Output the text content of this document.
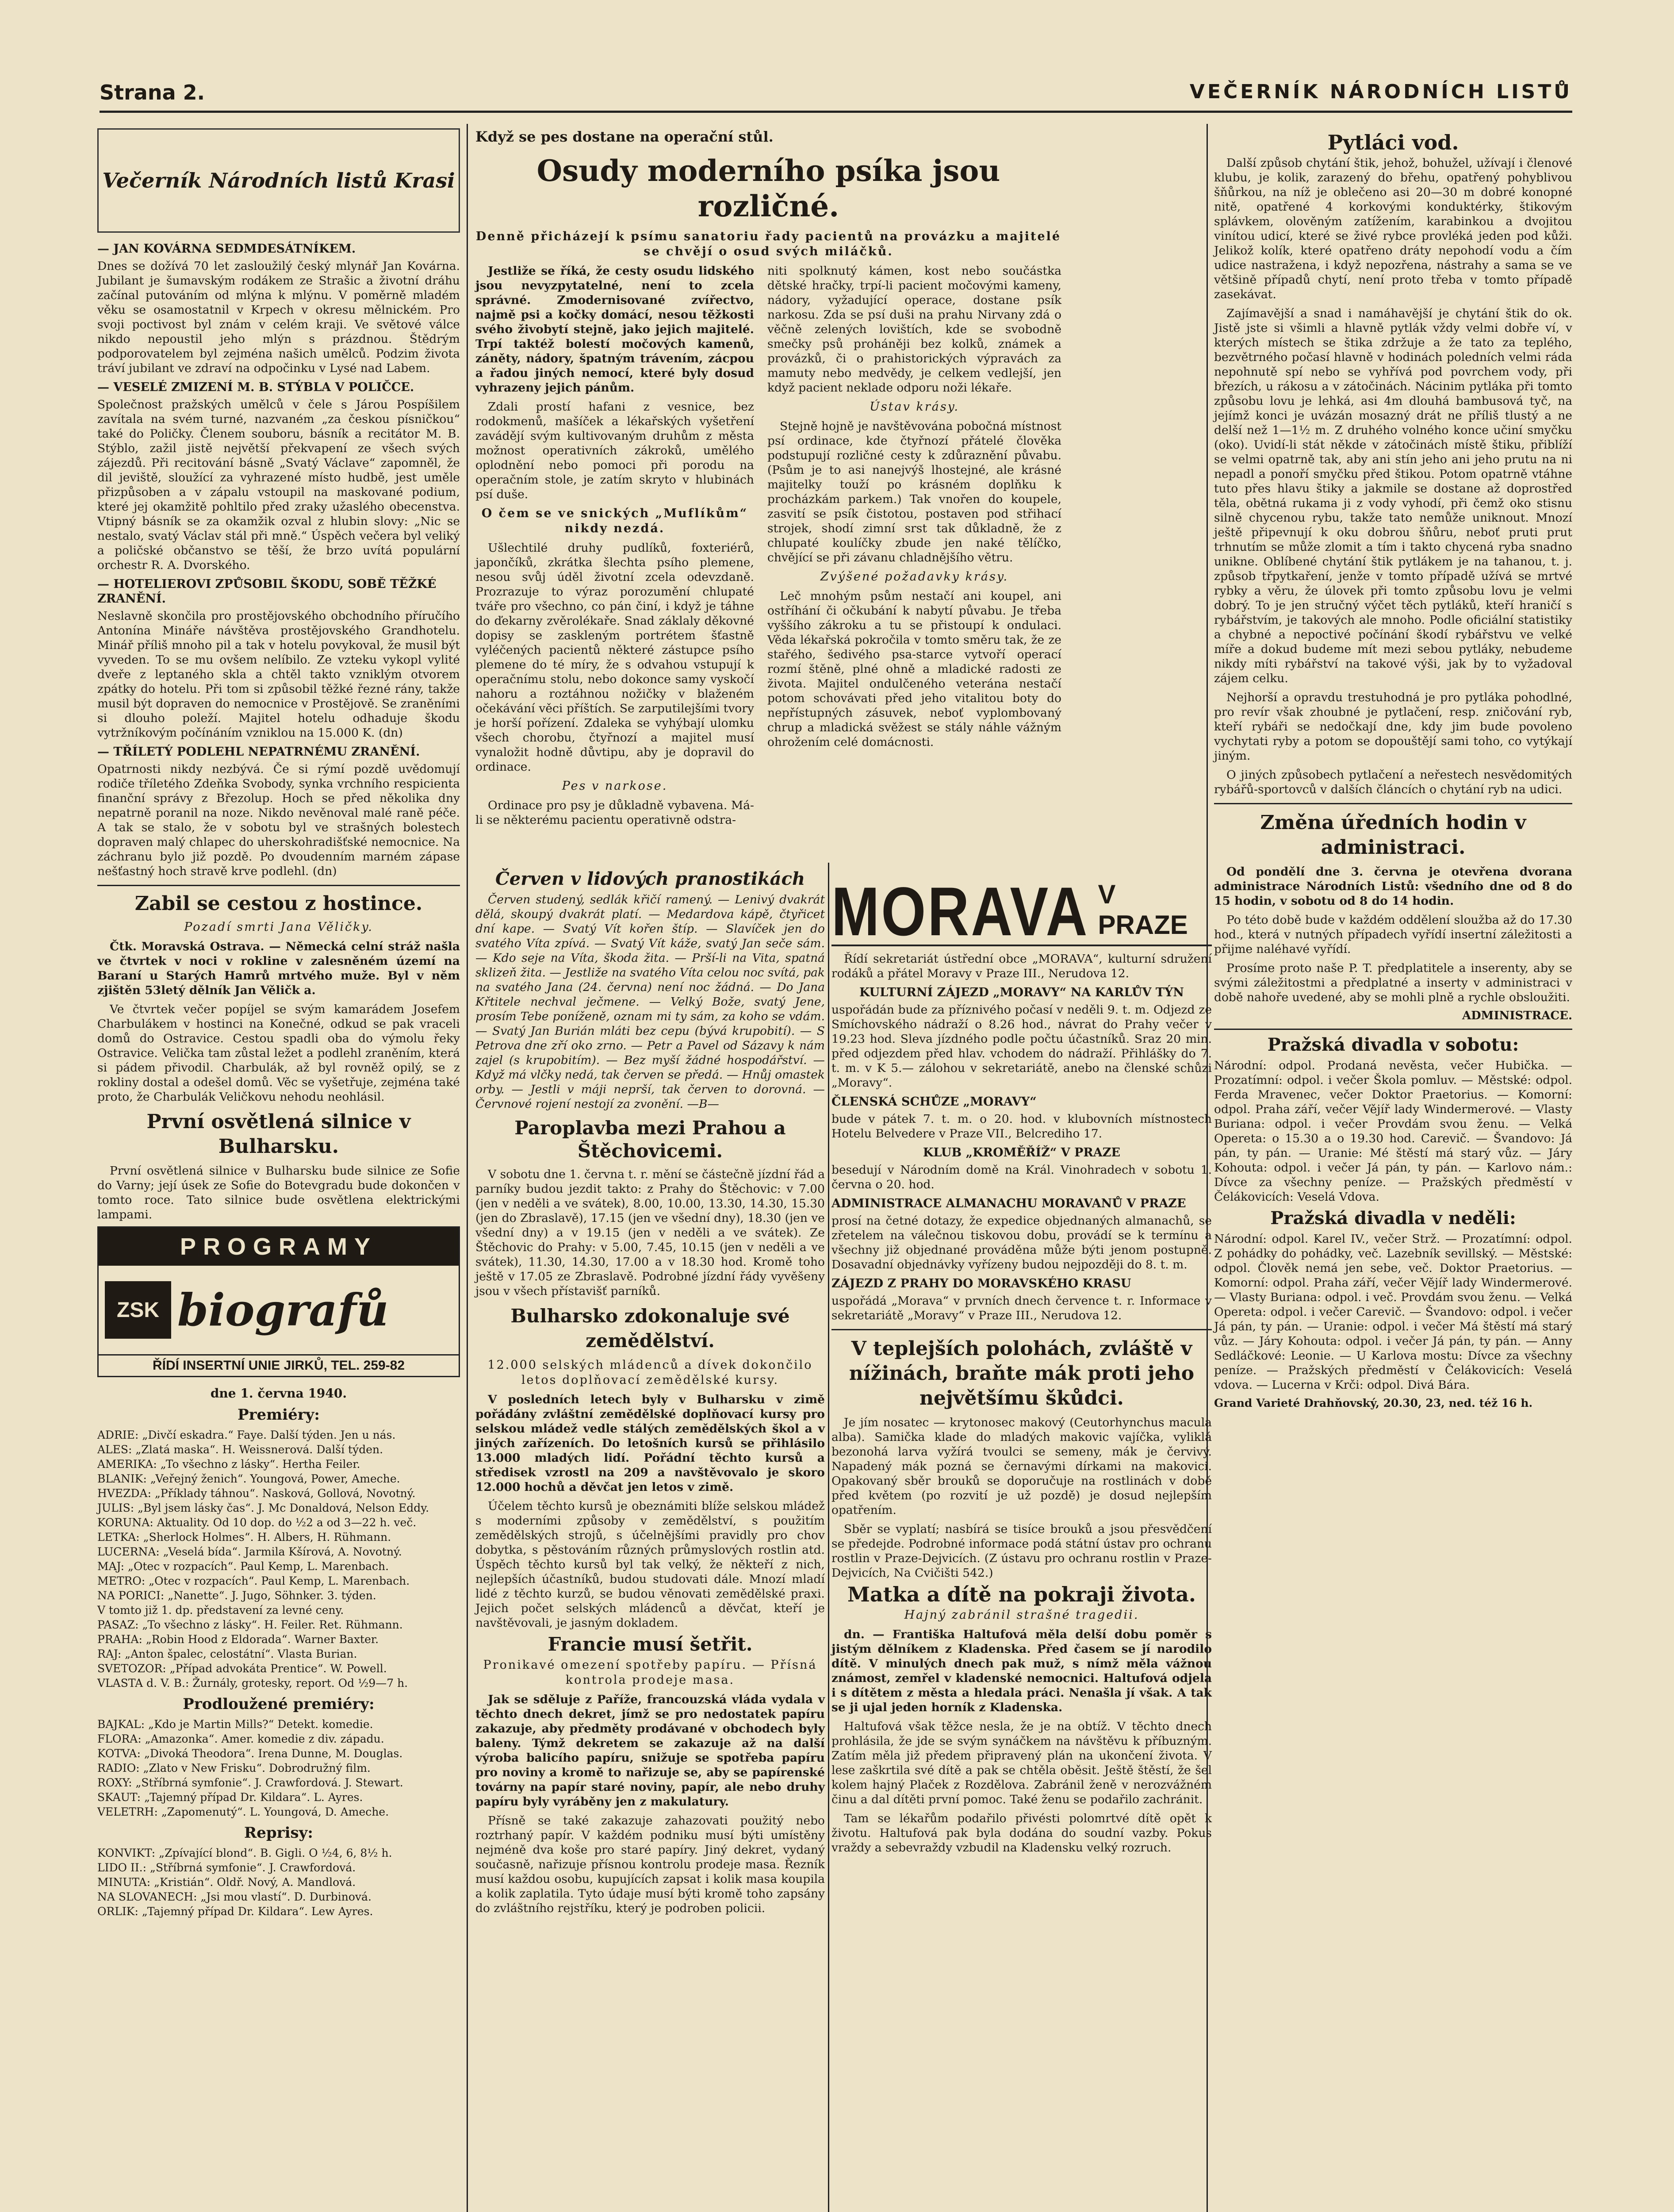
Strana 2.	VEČERNÍK NÁRODNÍCH LISTŮ
Večerník Národních listů Krasi
— JAN KOVÁRNA SEDMDESÁTNÍKEM.

Dnes se dožívá 70 let zasloužilý český mlynář Jan Kovárna. Jubilant je šumavským rodákem ze Strašic a životní dráhu začínal putováním od mlýna k mlýnu. V poměrně mladém věku se osamostatnil v Krpech v okresu mělnickém. Pro svoji poctivost byl znám v celém kraji. Ve světové válce nikdo nepoustil jeho mlýn s prázdnou. Štědrým podporovatelem byl zejména našich umělců. Podzim života tráví jubilant ve zdraví na odpočinku v Lysé nad Labem.

— VESELÉ ZMIZENÍ M. B. STÝBLA V POLIČCE.

Společnost pražských umělců v čele s Járou Pospíšilem zavítala na svém turné, nazvaném „za českou písničkou“ také do Poličky. Členem souboru, básník a recitátor M. B. Stýblo, zažil jistě největší překvapení ze všech svých zájezdů. Při recitování básně „Svatý Václave“ zapomněl, že dil jeviště, sloužící za vyhrazené místo hudbě, jest uměle přizpůsoben a v zápalu vstoupil na maskované podium, které jej okamžitě pohltilo před zraky užaslého obecenstva. Vtipný básník se za okamžik ozval z hlubin slovy: „Nic se nestalo, svatý Václav stál při mně.“ Úspěch večera byl veliký a poličské občanstvo se těší, že brzo uvítá populární orchestr R. A. Dvorského.

— HOTELIEROVI ZPŮSOBIL ŠKODU, SOBĚ TĚŽKÉ ZRANĚNÍ.

Neslavně skončila pro prostějovského obchodního příručího Antonína Mináře návštěva prostějovského Grandhotelu. Minář příliš mnoho pil a tak v hotelu povykoval, že musil být vyveden. To se mu ovšem nelíbilo. Ze vzteku vykopl vylité dveře z leptaného skla a chtěl takto vzniklým otvorem zpátky do hotelu. Při tom si způsobil těžké řezné rány, takže musil být dopraven do nemocnice v Prostějově. Se zraněními si dlouho poleží. Majitel hotelu odhaduje škodu vytržníkovým počínáním vzniklou na 15.000 K. (dn)

— TŘÍLETÝ PODLEHL NEPATRNÉMU ZRANĚNÍ.

Opatrnosti nikdy nezbývá. Če si rýmí pozdě uvědomují rodiče tříletého Zdeňka Svobody, synka vrchního respicienta finanční správy z Březolup. Hoch se před několika dny nepatrně poranil na noze. Nikdo nevěnoval malé raně péče. A tak se stalo, že v sobotu byl ve strašných bolestech dopraven malý chlapec do uherskohradišťské nemocnice. Na záchranu bylo již pozdě. Po dvoudenním marném zápase nešťastný hoch stravě krve podlehl. (dn)

Zabil se cestou z hostince.
Pozadí smrti Jana Věličky.

Čtk. Moravská Ostrava. — Německá celní stráž našla ve čtvrtek v noci v rokline v zalesněném území na Baraní u Starých Hamrů mrtvého muže. Byl v něm zjištěn 53letý dělník Jan Věličk a.

Ve čtvrtek večer popíjel se svým kamarádem Josefem Charbulákem v hostinci na Konečné, odkud se pak vraceli domů do Ostravice. Cestou spadli oba do výmolu řeky Ostravice. Velička tam zůstal ležet a podlehl zraněním, která si pádem přivodil. Charbulák, až byl rovněž opilý, se z rokliny dostal a odešel domů. Věc se vyšetřuje, zejména také proto, že Charbulák Veličkovu nehodu neohlásil.

První osvětlená silnice v Bulharsku.

První osvětlená silnice v Bulharsku bude silnice ze Sofie do Varny; její úsek ze Sofie do Botevgradu bude dokončen v tomto roce. Tato silnice bude osvětlena elektrickými lampami.

PROGRAMY
ZSK biografů
ŘÍDÍ INSERTNÍ UNIE JIRKŮ, TEL. 259-82
dne 1. června 1940.
Premiéry:
ADRIE: „Divčí eskadra.“ Faye. Další týden. Jen u nás.
ALES: „Zlatá maska“. H. Weissnerová. Další týden.
AMERIKA: „To všechno z lásky“. Hertha Feiler.
BLANIK: „Veřejný ženich“. Youngová, Power, Ameche.
HVEZDA: „Příklady táhnou“. Nasková, Gollová, Novotný.
JULIS: „Byl jsem lásky čas“. J. Mc Donaldová, Nelson Eddy.
KORUNA: Aktuality. Od 10 dop. do ½2 a od 3—22 h. več.
LETKA: „Sherlock Holmes“. H. Albers, H. Rühmann.
LUCERNA: „Veselá bída“. Jarmila Kšírová, A. Novotný.
MAJ: „Otec v rozpacích“. Paul Kemp, L. Marenbach.
METRO: „Otec v rozpacích“. Paul Kemp, L. Marenbach.
NA PORICI: „Nanette“. J. Jugo, Söhnker. 3. týden.
V tomto již 1. dp. představení za levné ceny.
PASAZ: „To všechno z lásky“. H. Feiler. Ret. Rühmann.
PRAHA: „Robin Hood z Eldorada“. Warner Baxter.
RAJ: „Anton špalec, celostátní“. Vlasta Burian.
SVETOZOR: „Případ advokáta Prentice“. W. Powell.
VLASTA d. V. B.: Žurnály, grotesky, report. Od ½9—7 h.
Prodloužené premiéry:
BAJKAL: „Kdo je Martin Mills?“ Detekt. komedie.
FLORA: „Amazonka“. Amer. komedie z div. západu.
KOTVA: „Divoká Theodora“. Irena Dunne, M. Douglas.
RADIO: „Zlato v New Frisku“. Dobrodružný film.
ROXY: „Stříbrná symfonie“. J. Crawfordová. J. Stewart.
SKAUT: „Tajemný případ Dr. Kildara“. L. Ayres.
VELETRH: „Zapomenutý“. L. Youngová, D. Ameche.
Reprisy:
KONVIKT: „Zpívající blond“. B. Gigli. O ½4, 6, 8½ h.
LIDO II.: „Stříbrná symfonie“. J. Crawfordová.
MINUTA: „Kristián“. Oldř. Nový, A. Mandlová.
NA SLOVANECH: „Jsi mou vlastí“. D. Durbinová.
ORLIK: „Tajemný případ Dr. Kildara“. Lew Ayres.
Když se pes dostane na operační stůl.
Osudy moderního psíka jsou rozličné.
Denně přicházejí k psímu sanatoriu řady pacientů na provázku a majitelé se chvějí o osud svých miláčků.

Jestliže se říká, že cesty osudu lidského jsou nevyzpytatelné, není to zcela správné. Zmodernisované zvířectvo, najmě psi a kočky domácí, nesou těžkosti svého živobytí stejně, jako jejich majitelé. Trpí taktéž bolestí močových kamenů, záněty, nádory, špatným trávením, zácpou a řadou jiných nemocí, které byly dosud vyhrazeny jejich pánům.

Zdali prostí hafani z vesnice, bez rodokmenů, mašíček a lékařských vyšetření zavádějí svým kultivovaným druhům z města možnost operativních zákroků, umělého oplodnění nebo pomoci při porodu na operačním stole, je zatím skryto v hlubinách psí duše.

O čem se ve snických „Muflíkům“ nikdy nezdá.

Ušlechtilé druhy pudlíků, foxteriérů, japončíků, zkrátka šlechta psího plemene, nesou svůj úděl životní zcela odevzdaně. Prozrazuje to výraz porozumění chlupaté tváře pro všechno, co pán činí, i když je táhne do ďekarny zvěrolékaře. Snad záklaly děkovné dopisy se zaskleným portrétem šťastně vyléčených pacientů některé zástupce psího plemene do té míry, že s odvahou vstupují k operačnímu stolu, nebo dokonce samy vyskočí nahoru a roztáhnou nožičky v blaženém očekávání věci příštích. Se zarputilejšími tvory je horší pořízení. Zdaleka se vyhýbají ulomku všech chorobu, čtyřnozí a majitel musí vynaložit hodně důvtipu, aby je dopravil do ordinace.

Pes v narkose.

Ordinace pro psy je důkladně vybavena. Má-li se některému pacientu operativně odstra-

niti spolknutý kámen, kost nebo součástka dětské hračky, trpí-li pacient močovými kameny, nádory, vyžadující operace, dostane psík narkosu. Zda se psí duši na prahu Nirvany zdá o věčně zelených lovištích, kde se svobodně smečky psů proháněji bez kolků, známek a provázků, či o prahistorických výpravách za mamuty nebo medvědy, je celkem vedlejší, jen když pacient neklade odporu noži lékaře.

Ústav krásy.

Stejně hojně je navštěvována pobočná místnost psí ordinace, kde čtyřnozí přátelé člověka podstupují rozličné cesty k zdůraznění půvabu. (Psům je to asi nanejvýš lhostejné, ale krásné majitelky touží po krásném doplňku k procházkám parkem.) Tak vnořen do koupele, zasvití se psík čistotou, postaven pod střihací strojek, shodí zimní srst tak důkladně, že z chlupaté koulíčky zbude jen naké tělíčko, chvějící se při závanu chladnějšího větru.

Zvýšené požadavky krásy.

Leč mnohým psům nestačí ani koupel, ani ostříhání či očkubání k nabytí půvabu. Je třeba vyššího zákroku a tu se přistoupí k ondulaci. Věda lékařská pokročila v tomto směru tak, že ze stařého, šedivého psa-starce vytvoří operací rozmí štěně, plné ohně a mladické radosti ze života. Majitel ondulčeného veterána nestačí potom schovávati před jeho vitalitou boty do nepřístupných zásuvek, neboť vyplombovaný chrup a mladická svěžest se stály náhle vážným ohrožením celé domácnosti.

Červen v lidových pranostikách

Červen studený, sedlák křičí ramený. — Lenivý dvakrát dělá, skoupý dvakrát platí. — Medardova kápě, čtyřicet dní kape. — Svatý Vít kořen štíp. — Slavíček jen do svatého Víta zpívá. — Svatý Vít káže, svatý Jan seče sám. — Kdo seje na Víta, škoda žita. — Prší-li na Vita, spatná sklizeň žita. — Jestliže na svatého Víta celou noc svítá, pak na svatého Jana (24. června) není noc žádná. — Do Jana Křtitele nechval ječmene. — Velký Bože, svatý Jene, prosím Tebe poníženě, oznam mi ty sám, za koho se vdám. — Svatý Jan Burián mláti bez cepu (bývá krupobití). — S Petrova dne zří oko zrno. — Petr a Pavel od Sázavy k nám zajel (s krupobitím). — Bez myší žádné hospodářství. — Když má vlčky nedá, tak červen se předá. — Hnůj omastek orby. — Jestli v máji neprší, tak červen to dorovná. — Červnové rojení nestojí za zvonění. —B—

Paroplavba mezi Prahou a Štěchovicemi.

V sobotu dne 1. června t. r. mění se částečně jízdní řád a parníky budou jezdit takto: z Prahy do Štěchovic: v 7.00 (jen v neděli a ve svátek), 8.00, 10.00, 13.30, 14.30, 15.30 (jen do Zbraslavě), 17.15 (jen ve všední dny), 18.30 (jen ve všední dny) a v 19.15 (jen v neděli a ve svátek). Ze Štěchovic do Prahy: v 5.00, 7.45, 10.15 (jen v neděli a ve svátek), 11.30, 14.30, 17.00 a v 18.30 hod. Kromě toho ještě v 17.05 ze Zbraslavě. Podrobné jízdní řády vyvěšeny jsou v všech přístavišť parníků.

Bulharsko zdokonaluje své zemědělství.
12.000 selských mládenců a dívek dokončilo letos doplňovací zemědělské kursy.

V posledních letech byly v Bulharsku v zimě pořádány zvláštní zemědělské doplňovací kursy pro selskou mládež vedle stálých zemědělských škol a v jiných zařízeních. Do letošních kursů se přihlásilo 13.000 mladých lidí. Pořádní těchto kursů a středisek vzrostl na 209 a navštěvovalo je skoro 12.000 hochů a děvčat jen letos v zimě.

Účelem těchto kursů je obeznámiti blíže selskou mládež s moderními způsoby v zemědělství, s použitím zemědělských strojů, s účelnějšími pravidly pro chov dobytka, s pěstováním různých průmyslových rostlin atd. Úspěch těchto kursů byl tak velký, že někteří z nich, nejlepších účastníků, budou studovati dále. Mnozí mladí lidé z těchto kurzů, se budou věnovati zemědělské praxi. Jejich počet selských mládenců a děvčat, kteří je navštěvovali, je jasným dokladem.

Francie musí šetřit.
Pronikavé omezení spotřeby papíru. — Přísná kontrola prodeje masa.

Jak se sděluje z Paříže, francouzská vláda vydala v těchto dnech dekret, jímž se pro nedostatek papíru zakazuje, aby předměty prodávané v obchodech byly baleny. Týmž dekretem se zakazuje až na další výroba balicího papíru, snižuje se spotřeba papíru pro noviny a kromě to nařizuje se, aby se papírenské továrny na papír staré noviny, papír, ale nebo druhy papíru byly vyráběny jen z makulatury.

Přísně se také zakazuje zahazovati použitý nebo roztrhaný papír. V každém podniku musí býti umístěny nejméně dva koše pro staré papíry. Jiný dekret, vydaný současně, nařizuje přísnou kontrolu prodeje masa. Řezník musí každou osobu, kupujících zapsat i kolik masa koupila a kolik zaplatila. Tyto údaje musí býti kromě toho zapsány do zvláštního rejstříku, který je podroben policii.

MORAVA V PRAZE

Řídí sekretariát ústřední obce „MORAVA“, kulturní sdružení rodáků a přátel Moravy v Praze III., Nerudova 12.

KULTURNÍ ZÁJEZD „MORAVY“ NA KARLŮV TÝN

uspořádán bude za příznivého počasí v neděli 9. t. m. Odjezd ze Smíchovského nádraží o 8.26 hod., návrat do Prahy večer v 19.23 hod. Sleva jízdného podle počtu účastníků. Sraz 20 min. před odjezdem před hlav. vchodem do nádraží. Přihlášky do 7. t. m. v K 5.— zálohou v sekretariátě, anebo na členské schůzi „Moravy“.

ČLENSKÁ SCHŮZE „MORAVY“

bude v pátek 7. t. m. o 20. hod. v klubovních místnostech Hotelu Belvedere v Praze VII., Belcrediho 17.

KLUB „KROMĚŘÍŽ“ V PRAZE

besedují v Národním domě na Král. Vinohradech v sobotu 1. června o 20. hod.

ADMINISTRACE ALMANACHU MORAVANŮ V PRAZE

prosí na četné dotazy, že expedice objednaných almanachů, se zřetelem na válečnou tiskovou dobu, provádí se k termínu a všechny již objednané prováděna může býti jenom postupně. Dosavadní objednávky vyřízeny budou nejpozději do 8. t. m.

ZÁJEZD Z PRAHY DO MORAVSKÉHO KRASU

uspořádá „Morava“ v prvních dnech července t. r. Informace v sekretariátě „Moravy“ v Praze III., Nerudova 12.

V teplejších polohách, zvláště v nížinách, braňte mák proti jeho největšímu škůdci.

Je jím nosatec — krytonosec makový (Ceutorhynchus macula alba). Samička klade do mladých makovic vajíčka, vyliklá bezonohá larva vyžírá tvoulci se semeny, mák je červivý. Napadený mák pozná se černavými dírkami na makovici. Opakovaný sběr brouků se doporučuje na rostlinách v době před květem (po rozvití je už pozdě) je dosud nejlepším opatřením.

Sběr se vyplatí; nasbírá se tisíce brouků a jsou přesvědčení se předejde. Podrobné informace podá státní ústav pro ochranu rostlin v Praze-Dejvicích. (Z ústavu pro ochranu rostlin v Praze-Dejvicích, Na Cvičišti 542.)

Matka a dítě na pokraji života.
Hajný zabránil strašné tragedii.

dn. — Františka Haltufová měla delší dobu poměr s jistým dělníkem z Kladenska. Před časem se jí narodilo dítě. V minulých dnech pak muž, s nímž měla vážnou známost, zemřel v kladenské nemocnici. Haltufová odjela i s dítětem z města a hledala práci. Nenašla jí však. A tak se ji ujal jeden horník z Kladenska.

Haltufová však těžce nesla, že je na obtíž. V těchto dnech prohlásila, že jde se svým synáčkem na návštěvu k příbuzným. Zatím měla již předem připravený plán na ukončení života. V lese zaškrtila své dítě a pak se chtěla oběsit. Ještě štěstí, že šel kolem hajný Plaček z Rozdělova. Zabránil ženě v nerozvážném činu a dal dítěti první pomoc. Také ženu se podařilo zachránit.

Tam se lékařům podařilo přivésti polomrtvé dítě opět k životu. Haltufová pak byla dodána do soudní vazby. Pokus vraždy a sebevraždy vzbudil na Kladensku velký rozruch.

Pytláci vod.

Další způsob chytání štik, jehož, bohužel, užívají i členové klubu, je kolik, zarazený do břehu, opatřený pohyblivou šňůrkou, na níž je oblečeno asi 20—30 m dobré konopné nitě, opatřené 4 korkovými konduktérky, štikovým splávkem, olověným zatížením, karabinkou a dvojitou vinítou udicí, které se živé rybce provléká jeden pod kůži. Jelikož kolík, které opatřeno dráty nepohodí vodu a čím udice nastražena, i když nepozřena, nástrahy a sama se ve většině případů chytí, není proto třeba v tomto případě zasekávat.

Zajímavější a snad i namáhavější je chytání štik do ok. Jistě jste si všimli a hlavně pytlák vždy velmi dobře ví, v kterých místech se štika zdržuje a že tato za teplého, bezvětrného počasí hlavně v hodinách poledních velmi ráda nepohnutě spí nebo se vyhřívá pod povrchem vody, při březích, u rákosu a v zátočinách. Nácinim pytláka při tomto způsobu lovu je lehká, asi 4m dlouhá bambusová tyč, na jejímž konci je uvázán mosazný drát ne příliš tlustý a ne delší než 1—1½ m. Z druhého volného konce učiní smyčku (oko). Uvidí-li stát někde v zátočinách místě štiku, přiblíží se velmi opatrně tak, aby ani stín jeho ani jeho prutu na ni nepadl a ponoří smyčku před štikou. Potom opatrně vtáhne tuto přes hlavu štiky a jakmile se dostane až doprostřed těla, obětná rukama ji z vody vyhodí, při čemž oko stisnu silně chycenou rybu, takže tato nemůže uniknout. Mnozí ještě připevnují k oku dobrou šňůru, neboť pruti prut trhnutím se může zlomit a tím i takto chycená ryba snadno unikne. Oblíbené chytání štik pytlákem je na tahanou, t. j. způsob třpytkaření, jenže v tomto případě užívá se mrtvé rybky a věru, že úlovek při tomto způsobu lovu je velmi dobrý. To je jen stručný výčet těch pytláků, kteří hraničí s rybářstvím, je takových ale mnoho. Podle oficiální statistiky a chybné a nepoctivé počínání škodí rybářstvu ve velké míře a dokud budeme mít mezi sebou pytláky, nebudeme nikdy míti rybářství na takové výši, jak by to vyžadoval zájem celku.

Nejhorší a opravdu trestuhodná je pro pytláka pohodlné, pro revír však zhoubné je pytlačení, resp. zničování ryb, kteří rybáři se nedočkají dne, kdy jim bude povoleno vychytati ryby a potom se dopouštějí sami toho, co vytýkají jiným.

O jiných způsobech pytlačení a neřestech nesvědomitých rybářů-sportovců v dalších článcích o chytání ryb na udici.

Změna úředních hodin v administraci.

Od pondělí dne 3. června je otevřena dvorana administrace Národních Listů: všedního dne od 8 do 15 hodin, v sobotu od 8 do 14 hodin.

Po této době bude v každém oddělení sloužba až do 17.30 hod., která v nutných případech vyřídí insertní záležitosti a přijme naléhavé vyřídí.

Prosíme proto naše P. T. předplatitele a inserenty, aby se svými záležitostmi a předplatné a inserty v administraci v době nahoře uvedené, aby se mohli plně a rychle obsloužiti.

ADMINISTRACE.
Pražská divadla v sobotu:

Národní: odpol. Prodaná nevěsta, večer Hubička. — Prozatímní: odpol. i večer Škola pomluv. — Městské: odpol. Ferda Mravenec, večer Doktor Praetorius. — Komorní: odpol. Praha září, večer Vějíř lady Windermerové. — Vlasty Buriana: odpol. i večer Provdám svou ženu. — Velká Opereta: o 15.30 a o 19.30 hod. Carevič. — Švandovo: Já pán, ty pán. — Uranie: Mé štěstí má starý vůz. — Járy Kohouta: odpol. i večer Já pán, ty pán. — Karlovo nám.: Dívce za všechny peníze. — Pražských předměstí v Čelákovicích: Veselá Vdova.

Pražská divadla v neděli:

Národní: odpol. Karel IV., večer Strž. — Prozatímní: odpol. Z pohádky do pohádky, več. Lazebník sevillský. — Městské: odpol. Člověk nemá jen sebe, več. Doktor Praetorius. — Komorní: odpol. Praha září, večer Vějíř lady Windermerové. — Vlasty Buriana: odpol. i več. Provdám svou ženu. — Velká Opereta: odpol. i večer Carevič. — Švandovo: odpol. i večer Já pán, ty pán. — Uranie: odpol. i večer Má štěstí má starý vůz. — Járy Kohouta: odpol. i večer Já pán, ty pán. — Anny Sedláčkové: Leonie. — U Karlova mostu: Dívce za všechny peníze. — Pražských předměstí v Čelákovicích: Veselá vdova. — Lucerna v Krči: odpol. Divá Bára.

Grand Varieté Drahňovský, 20.30, 23, ned. též 16 h.
